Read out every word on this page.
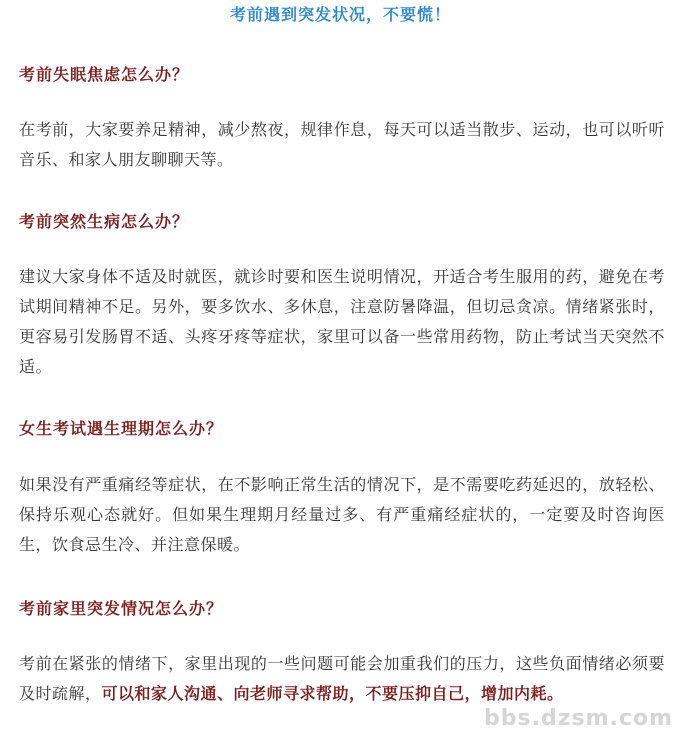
考前遇到突发状况，不要慌！
考前失眠焦虑怎么办？
在考前，大家要养足精神，减少熬夜，规律作息，每天可以适当散步、运动，也可以听听音乐、和家人朋友聊聊天等。
考前突然生病怎么办？
建议大家身体不适及时就医，就诊时要和医生说明情况，开适合考生服用的药，避免在考试期间精神不足。另外，要多饮水、多休息，注意防暑降温，但切忌贪凉。情绪紧张时，更容易引发肠胃不适、头疼牙疼等症状，家里可以备一些常用药物，防止考试当天突然不适。
女生考试遇生理期怎么办？
如果没有严重痛经等症状，在不影响正常生活的情况下，是不需要吃药延迟的，放轻松、保持乐观心态就好。但如果生理期月经量过多、有严重痛经症状的，一定要及时咨询医生，饮食忌生冷、并注意保暖。
考前家里突发情况怎么办？
考前在紧张的情绪下，家里出现的一些问题可能会加重我们的压力，这些负面情绪必须要及时疏解，可以和家人沟通、向老师寻求帮助，不要压抑自己，增加内耗。
bbs.dzsm.com
